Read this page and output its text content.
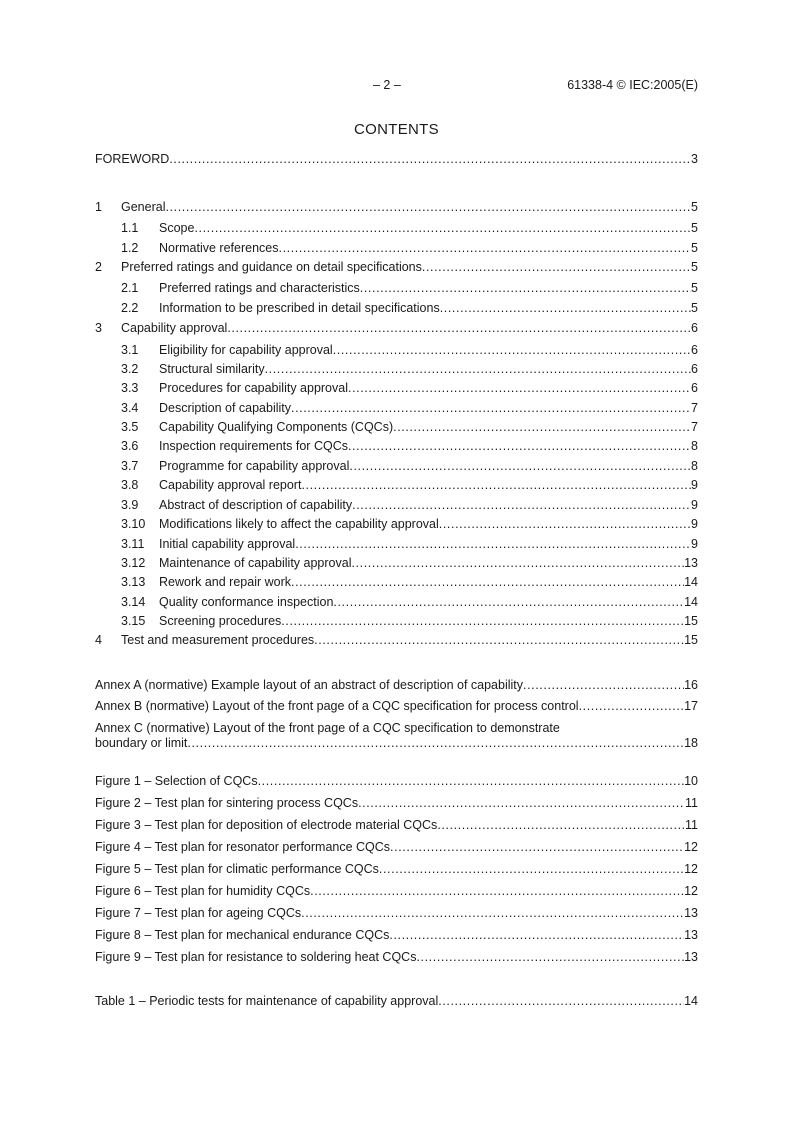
– 2 –	61338-4 © IEC:2005(E)
CONTENTS
FOREWORD .....	3
1	General .....	5
1.1	Scope .....	5
1.2	Normative references .....	5
2	Preferred ratings and guidance on detail specifications .....	5
2.1	Preferred ratings and characteristics .....	5
2.2	Information to be prescribed in detail specifications .....	5
3	Capability approval .....	6
3.1	Eligibility for capability approval .....	6
3.2	Structural similarity .....	6
3.3	Procedures for capability approval .....	6
3.4	Description of capability .....	7
3.5	Capability Qualifying Components (CQCs) .....	7
3.6	Inspection requirements for CQCs .....	8
3.7	Programme for capability approval .....	8
3.8	Capability approval report .....	9
3.9	Abstract of description of capability .....	9
3.10	Modifications likely to affect the capability approval .....	9
3.11	Initial capability approval .....	9
3.12	Maintenance of capability approval .....	13
3.13	Rework and repair work .....	14
3.14	Quality conformance inspection .....	14
3.15	Screening procedures .....	15
4	Test and measurement procedures .....	15
Annex A (normative) Example layout of an abstract of description of capability .....	16
Annex B (normative) Layout of the front page of a CQC specification for process control .....	17
Annex C (normative) Layout of the front page of a CQC specification to demonstrate
boundary or limit .....	18
Figure 1 – Selection of CQCs .....	10
Figure 2 – Test plan for sintering process CQCs .....	11
Figure 3 – Test plan for deposition of electrode material CQCs .....	11
Figure 4 – Test plan for resonator performance CQCs .....	12
Figure 5 – Test plan for climatic performance CQCs .....	12
Figure 6 – Test plan for humidity CQCs .....	12
Figure 7 – Test plan for ageing CQCs .....	13
Figure 8 – Test plan for mechanical endurance CQCs .....	13
Figure 9 – Test plan for resistance to soldering heat CQCs .....	13
Table 1 – Periodic tests for maintenance of capability approval .....	14
